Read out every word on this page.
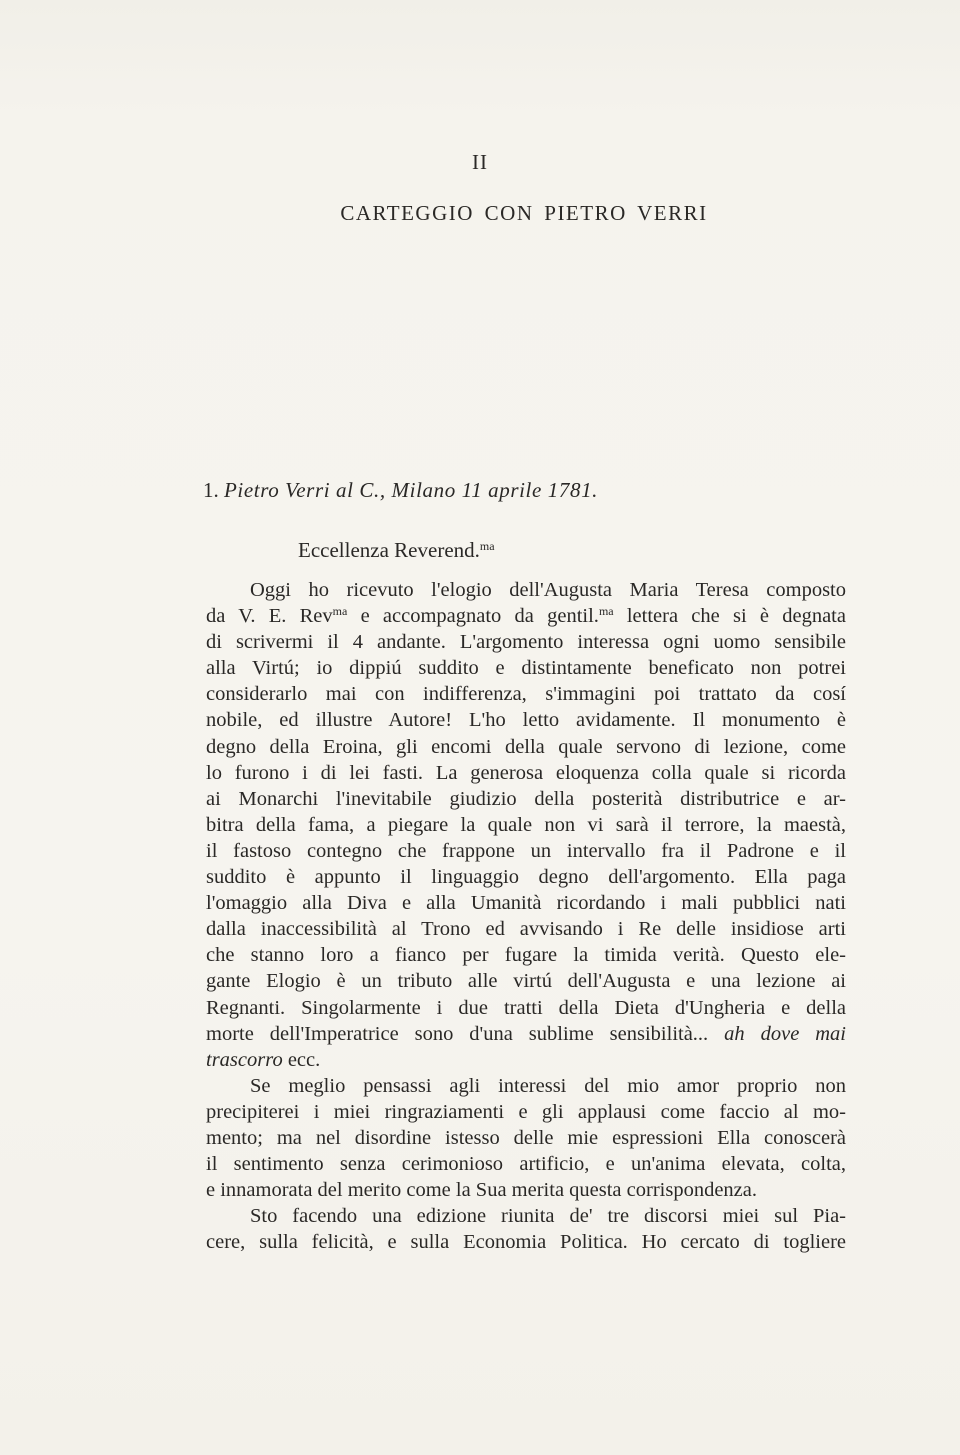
II
CARTEGGIO CON PIETRO VERRI
1. Pietro Verri al C., Milano 11 aprile 1781.
Eccellenza Reverend.$^{ma}$
Oggi ho ricevuto l'elogio dell'Augusta Maria Teresa composto
da V. E. Rev$^{ma}$ e accompagnato da gentil.$^{ma}$ lettera che si è degnata
di scrivermi il 4 andante. L'argomento interessa ogni uomo sensibile
alla Virtú; io dippiú suddito e distintamente beneficato non potrei
considerarlo mai con indifferenza, s'immagini poi trattato da cosí
nobile, ed illustre Autore! L'ho letto avidamente. Il monumento è
degno della Eroina, gli encomi della quale servono di lezione, come
lo furono i di lei fasti. La generosa eloquenza colla quale si ricorda
ai Monarchi l'inevitabile giudizio della posterità distributrice e ar-
bitra della fama, a piegare la quale non vi sarà il terrore, la maestà,
il fastoso contegno che frappone un intervallo fra il Padrone e il
suddito è appunto il linguaggio degno dell'argomento. Ella paga
l'omaggio alla Diva e alla Umanità ricordando i mali pubblici nati
dalla inaccessibilità al Trono ed avvisando i Re delle insidiose arti
che stanno loro a fianco per fugare la timida verità. Questo ele-
gante Elogio è un tributo alle virtú dell'Augusta e una lezione ai
Regnanti. Singolarmente i due tratti della Dieta d'Ungheria e della
morte dell'Imperatrice sono d'una sublime sensibilità... ah dove mai
trascorro ecc.
Se meglio pensassi agli interessi del mio amor proprio non
precipiterei i miei ringraziamenti e gli applausi come faccio al mo-
mento; ma nel disordine istesso delle mie espressioni Ella conoscerà
il sentimento senza cerimonioso artificio, e un'anima elevata, colta,
e innamorata del merito come la Sua merita questa corrispondenza.
Sto facendo una edizione riunita de' tre discorsi miei sul Pia-
cere, sulla felicità, e sulla Economia Politica. Ho cercato di togliere
